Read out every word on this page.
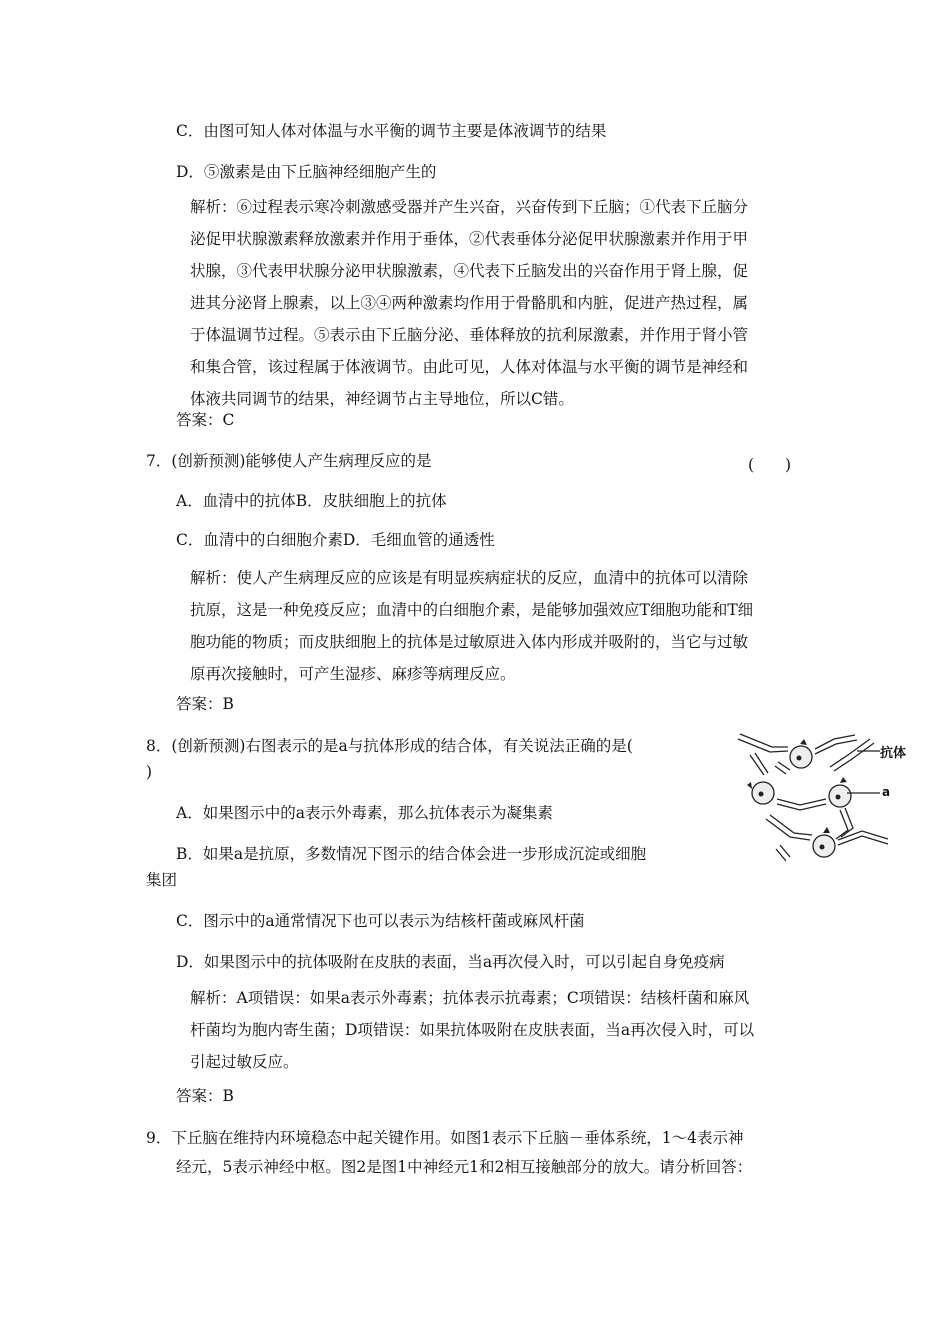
C．由图可知人体对体温与水平衡的调节主要是体液调节的结果
D．⑤激素是由下丘脑神经细胞产生的
解析：⑥过程表示寒冷刺激感受器并产生兴奋，兴奋传到下丘脑；①代表下丘脑分
泌促甲状腺激素释放激素并作用于垂体，②代表垂体分泌促甲状腺激素并作用于甲
状腺，③代表甲状腺分泌甲状腺激素，④代表下丘脑发出的兴奋作用于肾上腺，促
进其分泌肾上腺素，以上③④两种激素均作用于骨骼肌和内脏，促进产热过程，属
于体温调节过程。⑤表示由下丘脑分泌、垂体释放的抗利尿激素，并作用于肾小管
和集合管，该过程属于体液调节。由此可见，人体对体温与水平衡的调节是神经和
体液共同调节的结果，神经调节占主导地位，所以C错。
答案：C
7．(创新预测)能够使人产生病理反应的是	(　　)
A．血清中的抗体B．皮肤细胞上的抗体
C．血清中的白细胞介素D．毛细血管的通透性
解析：使人产生病理反应的应该是有明显疾病症状的反应，血清中的抗体可以清除
抗原，这是一种免疫反应；血清中的白细胞介素，是能够加强效应T细胞功能和T细
胞功能的物质；而皮肤细胞上的抗体是过敏原进入体内形成并吸附的，当它与过敏
原再次接触时，可产生湿疹、麻疹等病理反应。
答案：B
8．(创新预测)右图表示的是a与抗体形成的结合体，有关说法正确的是(
)
A．如果图示中的a表示外毒素，那么抗体表示为凝集素
B．如果a是抗原，多数情况下图示的结合体会进一步形成沉淀或细胞
集团
C．图示中的a通常情况下也可以表示为结核杆菌或麻风杆菌
D．如果图示中的抗体吸附在皮肤的表面，当a再次侵入时，可以引起自身免疫病
解析：A项错误：如果a表示外毒素；抗体表示抗毒素；C项错误：结核杆菌和麻风
杆菌均为胞内寄生菌；D项错误：如果抗体吸附在皮肤表面，当a再次侵入时，可以
引起过敏反应。
答案：B
抗体
a
9．下丘脑在维持内环境稳态中起关键作用。如图1表示下丘脑－垂体系统，1～4表示神
经元，5表示神经中枢。图2是图1中神经元1和2相互接触部分的放大。请分析回答：
